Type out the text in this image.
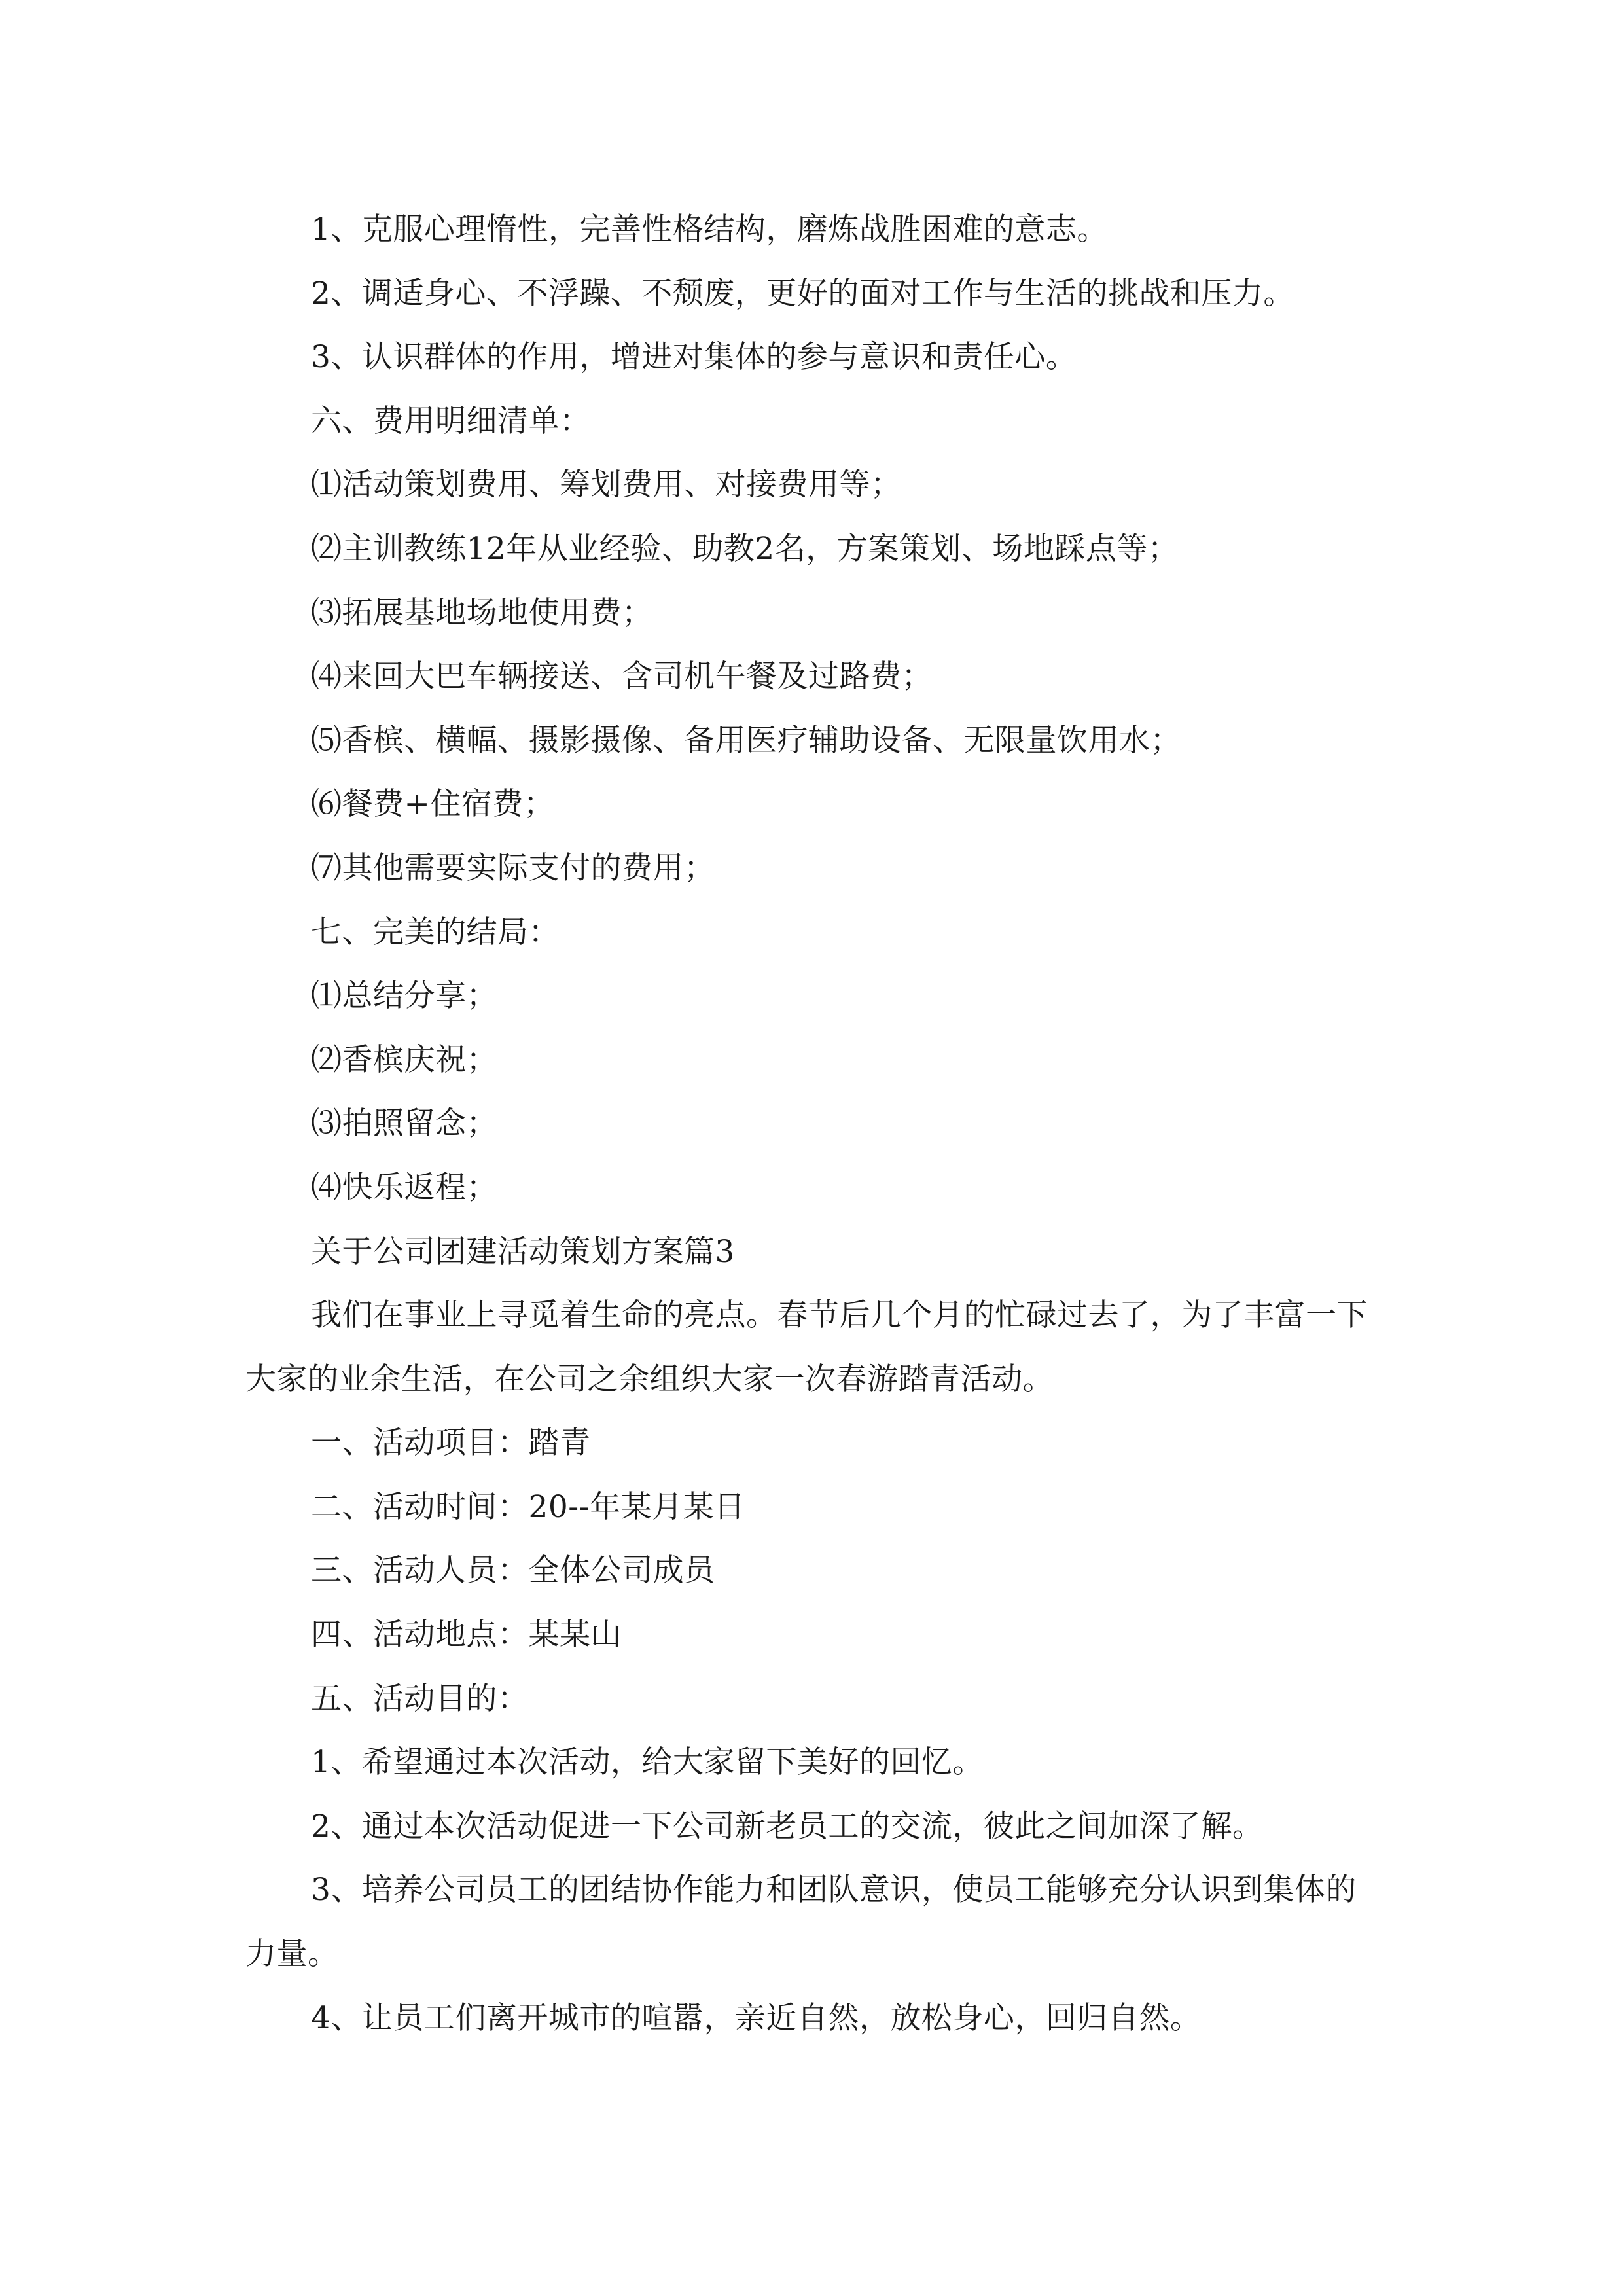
1、克服心理惰性，完善性格结构，磨炼战胜困难的意志。

2、调适身心、不浮躁、不颓废，更好的面对工作与生活的挑战和压力。

3、认识群体的作用，增进对集体的参与意识和责任心。

六、费用明细清单：

⑴活动策划费用、筹划费用、对接费用等；

⑵主训教练12年从业经验、助教2名，方案策划、场地踩点等；

⑶拓展基地场地使用费；

⑷来回大巴车辆接送、含司机午餐及过路费；

⑸香槟、横幅、摄影摄像、备用医疗辅助设备、无限量饮用水；

⑹餐费+住宿费；

⑺其他需要实际支付的费用；

七、完美的结局：

⑴总结分享；

⑵香槟庆祝；

⑶拍照留念；

⑷快乐返程；

关于公司团建活动策划方案篇3

我们在事业上寻觅着生命的亮点。春节后几个月的忙碌过去了，为了丰富一下大家的业余生活，在公司之余组织大家一次春游踏青活动。

一、活动项目：踏青

二、活动时间：20--年某月某日

三、活动人员：全体公司成员

四、活动地点：某某山

五、活动目的：

1、希望通过本次活动，给大家留下美好的回忆。

2、通过本次活动促进一下公司新老员工的交流，彼此之间加深了解。

3、培养公司员工的团结协作能力和团队意识，使员工能够充分认识到集体的力量。

4、让员工们离开城市的喧嚣，亲近自然，放松身心，回归自然。
